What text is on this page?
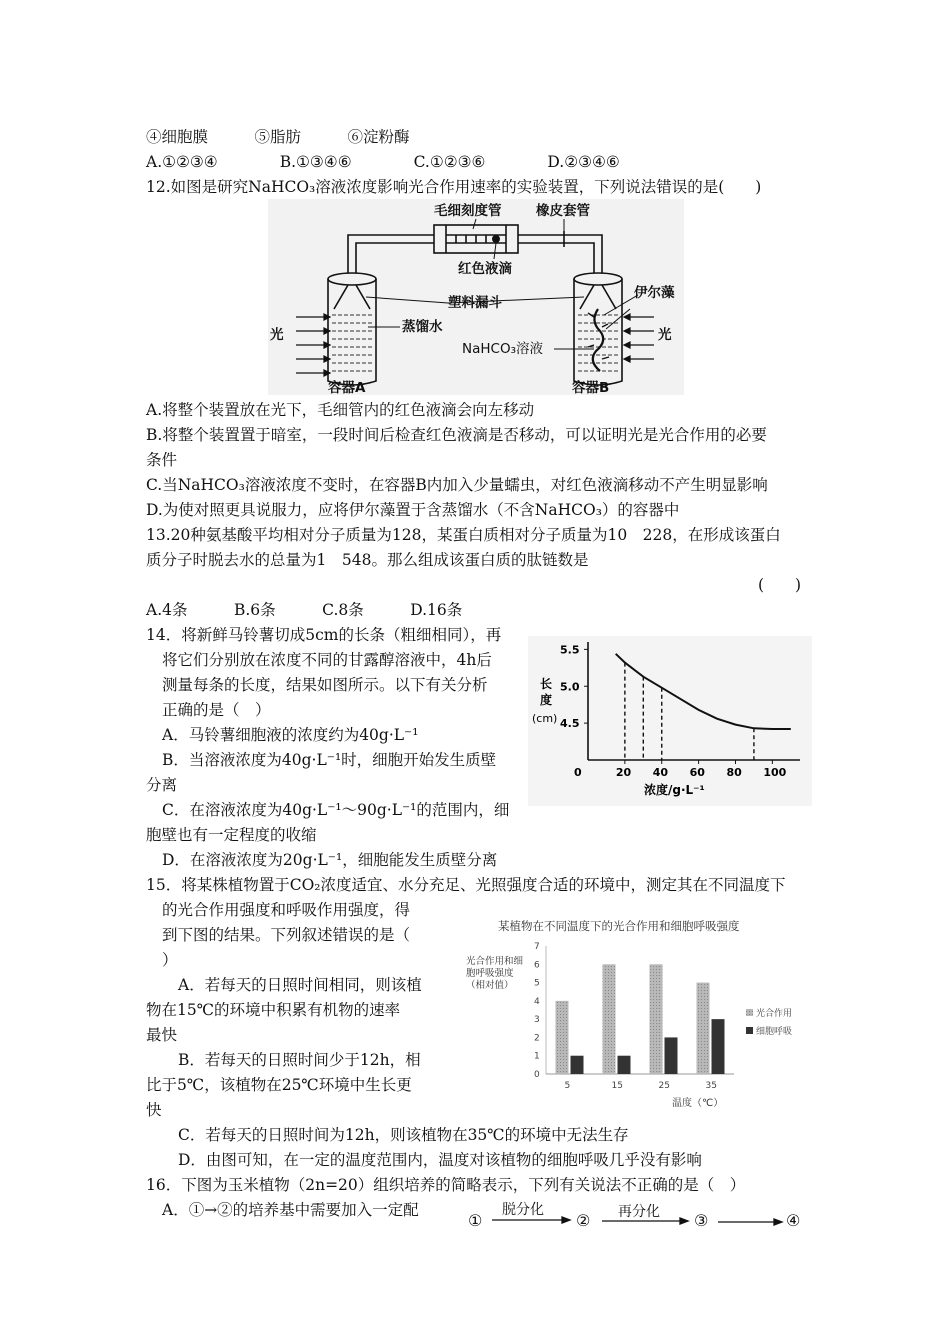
④细胞膜　　　⑤脂肪　　　⑥淀粉酶
A.①②③④　　　　B.①③④⑥　　　　C.①②③⑥　　　　D.②③④⑥
12.如图是研究NaHCO₃溶液浓度影响光合作用速率的实验装置，下列说法错误的是(　　)
毛细刻度管	橡皮套管
红色液滴
塑料漏斗
蒸馏水
伊尔藻
NaHCO₃溶液
光	光
容器A	容器B
A.将整个装置放在光下，毛细管内的红色液滴会向左移动
B.将整个装置置于暗室，一段时间后检查红色液滴是否移动，可以证明光是光合作用的必要
条件
C.当NaHCO₃溶液浓度不变时，在容器B内加入少量蠕虫，对红色液滴移动不产生明显影响
D.为使对照更具说服力，应将伊尔藻置于含蒸馏水（不含NaHCO₃）的容器中
13.20种氨基酸平均相对分子质量为128，某蛋白质相对分子质量为10　228，在形成该蛋白
质分子时脱去水的总量为1　548。那么组成该蛋白质的肽链数是
(　　)
A.4条　　　B.6条　　　C.8条　　　D.16条
14．将新鲜马铃薯切成5cm的长条（粗细相同），再
将它们分别放在浓度不同的甘露醇溶液中，4h后
测量每条的长度，结果如图所示。以下有关分析
正确的是（　）
A．马铃薯细胞液的浓度约为40g·L⁻¹
B．当溶液浓度为40g·L⁻¹时，细胞开始发生质壁
分离
C．在溶液浓度为40g·L⁻¹～90g·L⁻¹的范围内，细
胞壁也有一定程度的收缩
D．在溶液浓度为20g·L⁻¹，细胞能发生质壁分离
0	20 40 60 80 100
4.5
5.0
5.5
长
度
(cm)
浓度/g·L⁻¹
15．将某株植物置于CO₂浓度适宜、水分充足、光照强度合适的环境中，测定其在不同温度下
的光合作用强度和呼吸作用强度，得
到下图的结果。下列叙述错误的是（
）
A．若每天的日照时间相同，则该植
物在15℃的环境中积累有机物的速率
最快
B．若每天的日照时间少于12h，相
比于5℃，该植物在25℃环境中生长更
快
C．若每天的日照时间为12h，则该植物在35℃的环境中无法生存
D．由图可知，在一定的温度范围内，温度对该植物的细胞呼吸几乎没有影响
某植物在不同温度下的光合作用和细胞呼吸强度
光合作用和细
胞呼吸强度
（相对值）
0
1
2
3
4
5
6
7
5	15	25	35
光合作用
细胞呼吸
温度（℃）
16．下图为玉米植物（2n=20）组织培养的简略表示，下列有关说法不正确的是（　）
A．①→②的培养基中需要加入一定配
①	②	③	④
脱分化	再分化
